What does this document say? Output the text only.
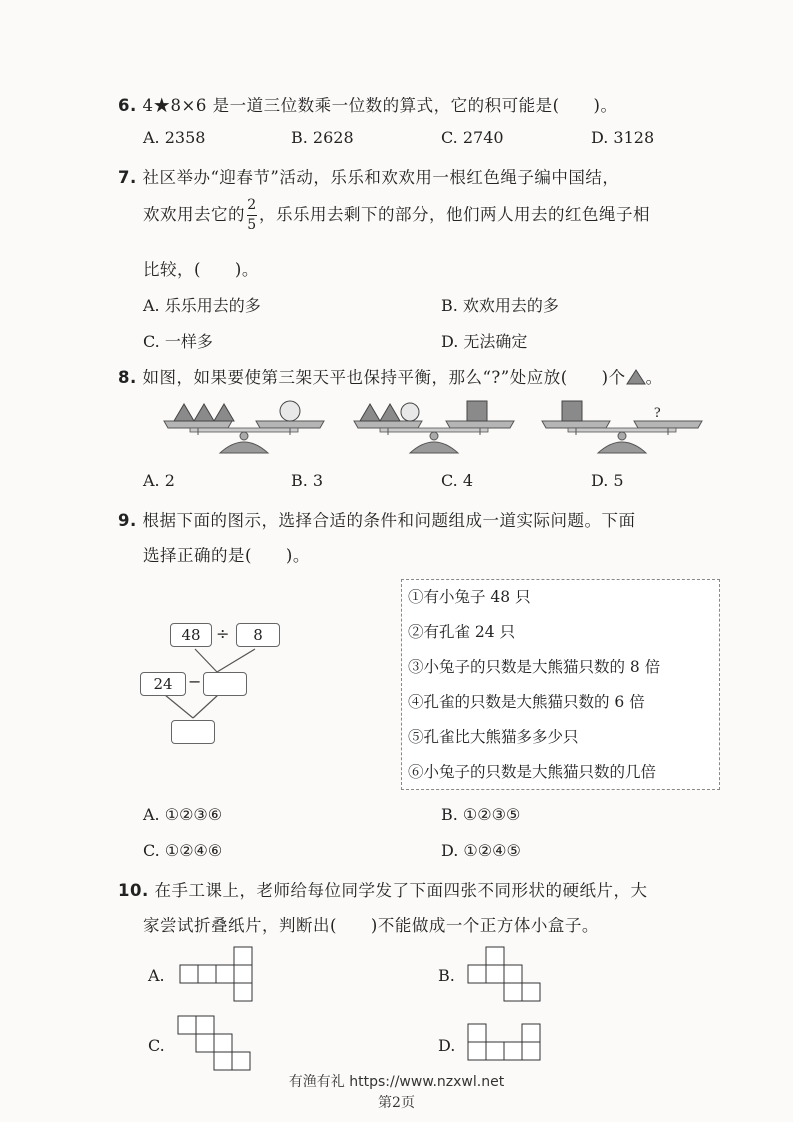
6. 4★8×6 是一道三位数乘一位数的算式，它的积可能是(　　)。
A. 2358	B. 2628	C. 2740	D. 3128
7. 社区举办“迎春节”活动，乐乐和欢欢用一根红色绳子编中国结，
欢欢用去它的 $\frac{2}{5}$ ，乐乐用去剩下的部分，他们两人用去的红色绳子相
比较，(　　)。
A. 乐乐用去的多	B. 欢欢用去的多
C. 一样多	D. 无法确定
8. 如图，如果要使第三架天平也保持平衡，那么“?”处应放(　　)个 。
?
A. 2	B. 3	C. 4	D. 5
9. 根据下面的图示，选择合适的条件和问题组成一道实际问题。下面
选择正确的是(　　)。
48 ÷	8
24 −
①有小兔子 48 只
②有孔雀 24 只
③小兔子的只数是大熊猫只数的 8 倍
④孔雀的只数是大熊猫只数的 6 倍
⑤孔雀比大熊猫多多少只
⑥小兔子的只数是大熊猫只数的几倍
A. ①②③⑥	B. ①②③⑤
C. ①②④⑥	D. ①②④⑤
10. 在手工课上，老师给每位同学发了下面四张不同形状的硬纸片，大
家尝试折叠纸片，判断出(　　)不能做成一个正方体小盒子。
A.	B.
C.	D.
有渔有礼 https://www.nzxwl.net
第2页
